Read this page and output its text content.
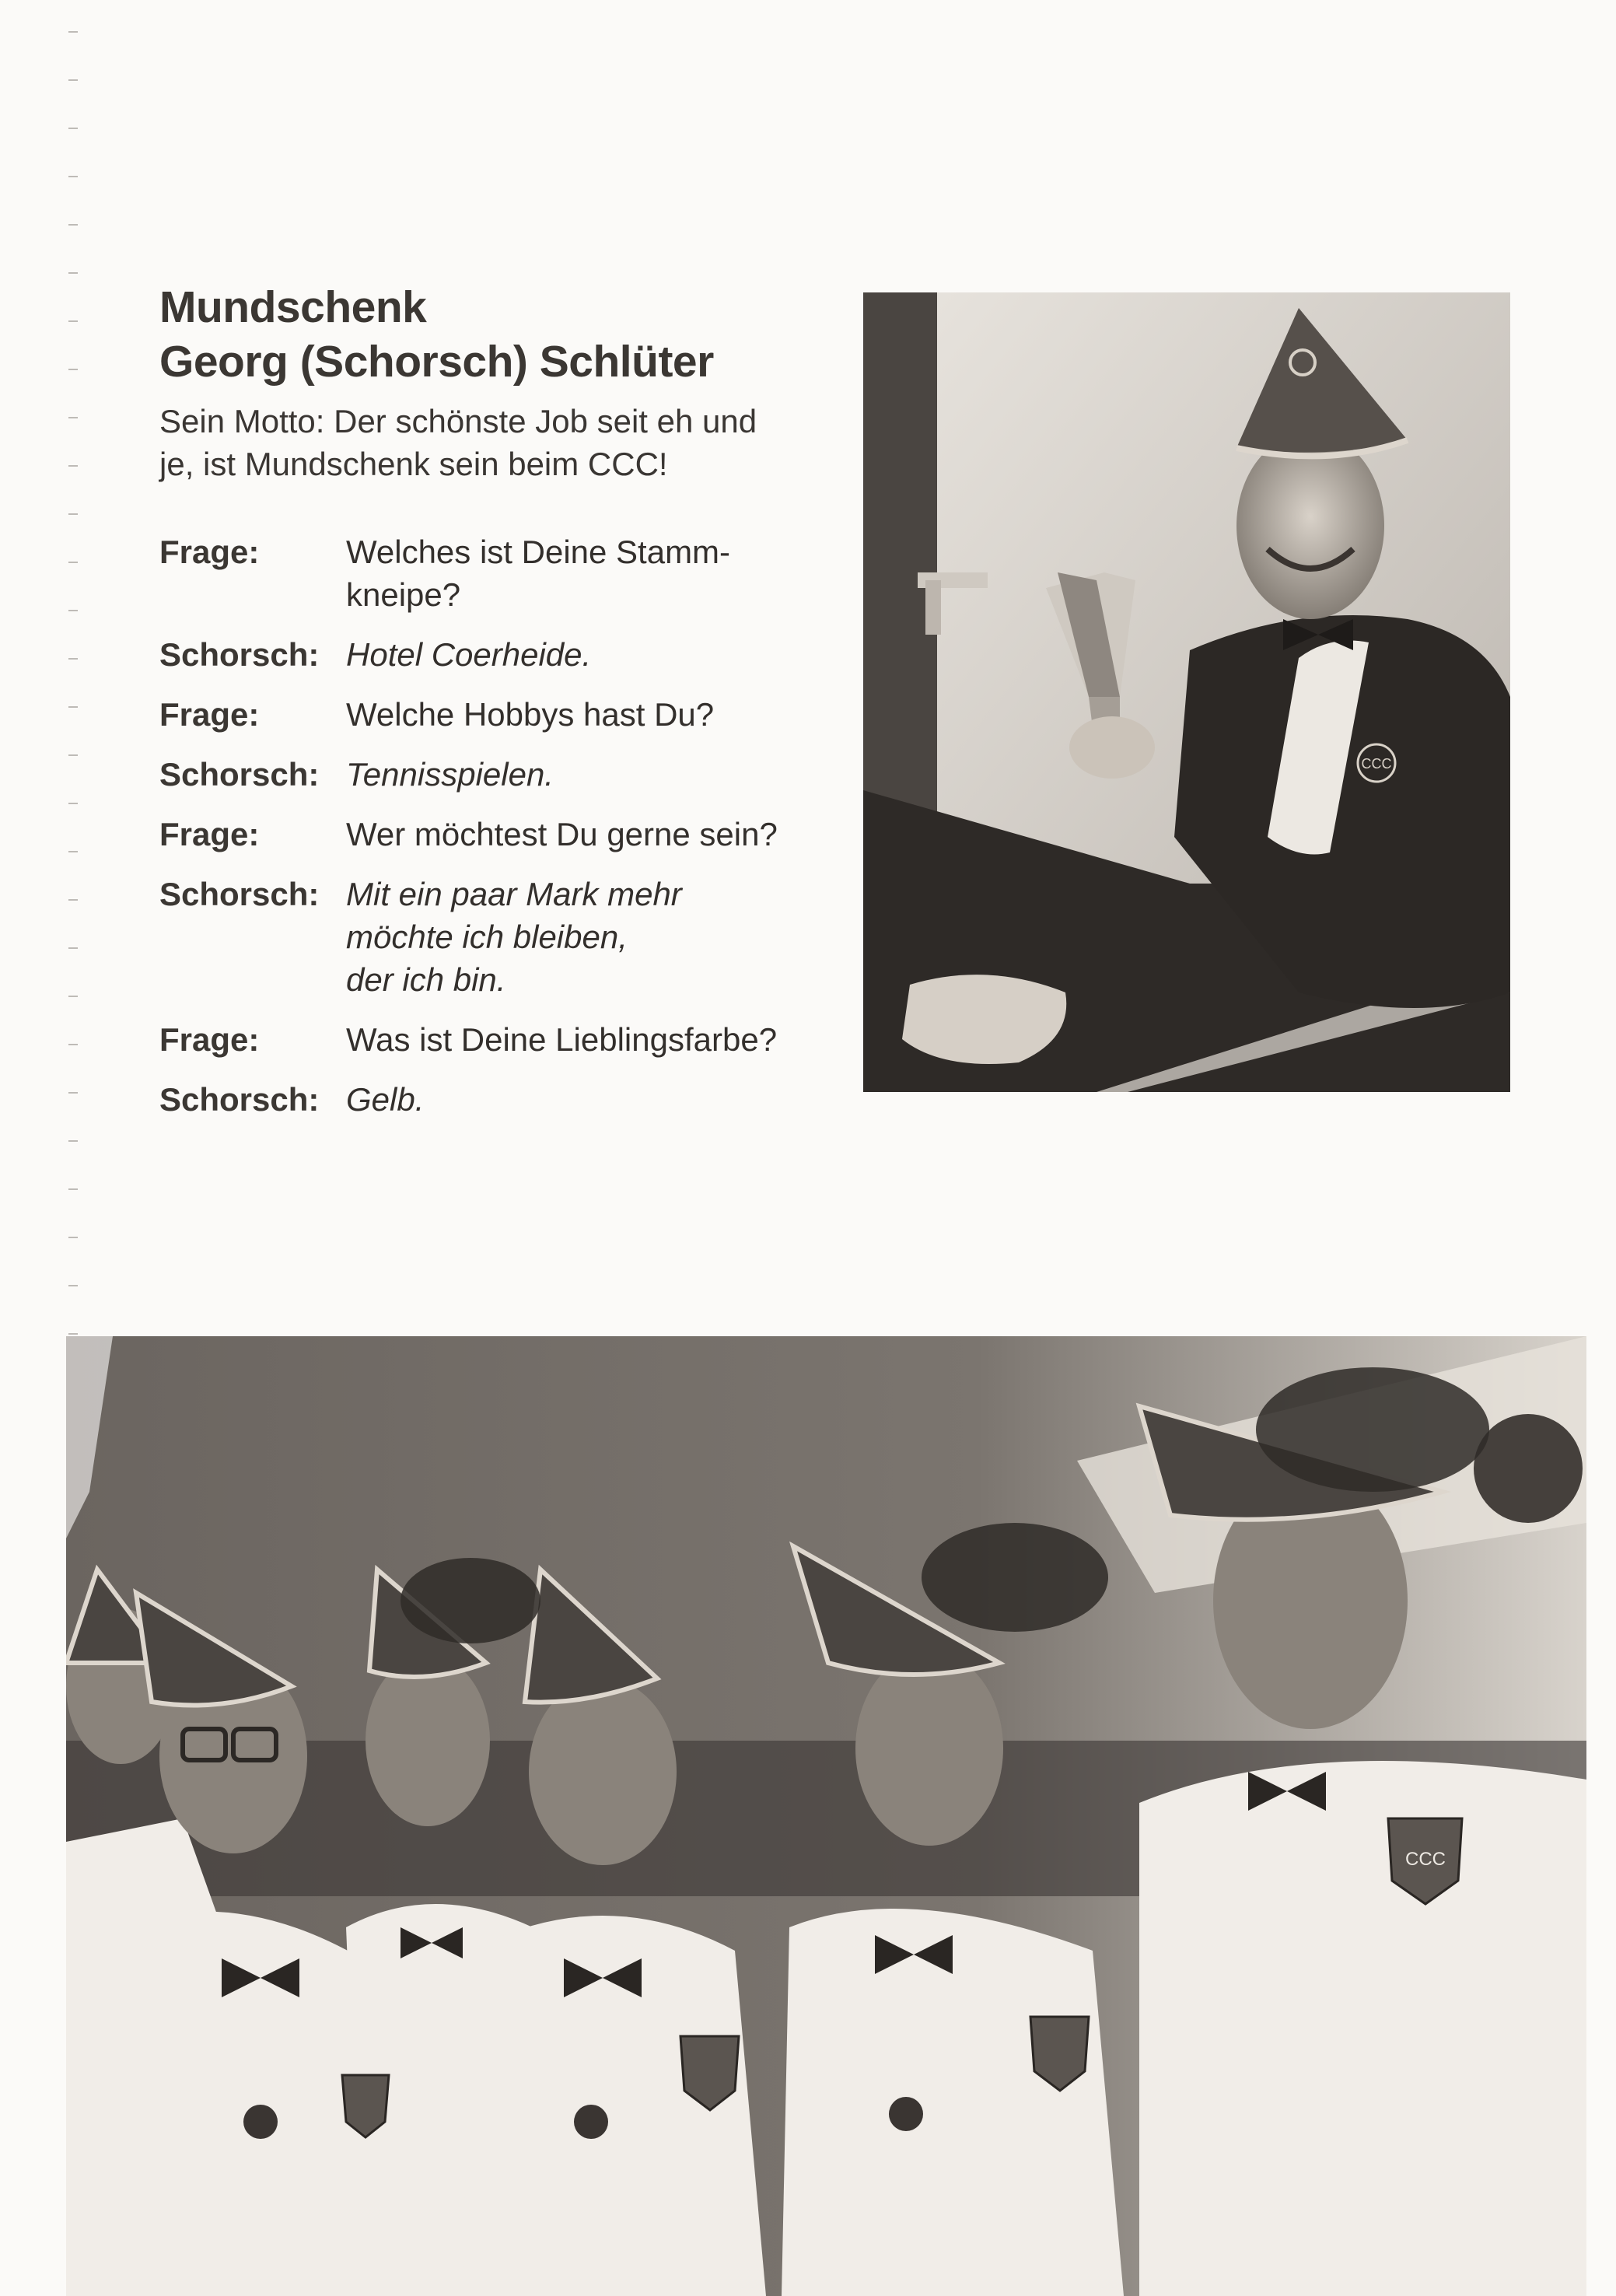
Mundschenk
Georg (Schorsch) Schlüter

Sein Motto: Der schönste Job seit eh und je, ist Mundschenk sein beim CCC!

Frage:	Welches ist Deine Stamm-
kneipe?
Schorsch: Hotel Coerheide.
Frage:	Welche Hobbys hast Du?
Schorsch: Tennisspielen.
Frage:	Wer möchtest Du gerne sein?
Schorsch: Mit ein paar Mark mehr
möchte ich bleiben,
der ich bin.
Frage:	Was ist Deine Lieblingsfarbe?
Schorsch: Gelb.
CCC
CCC
